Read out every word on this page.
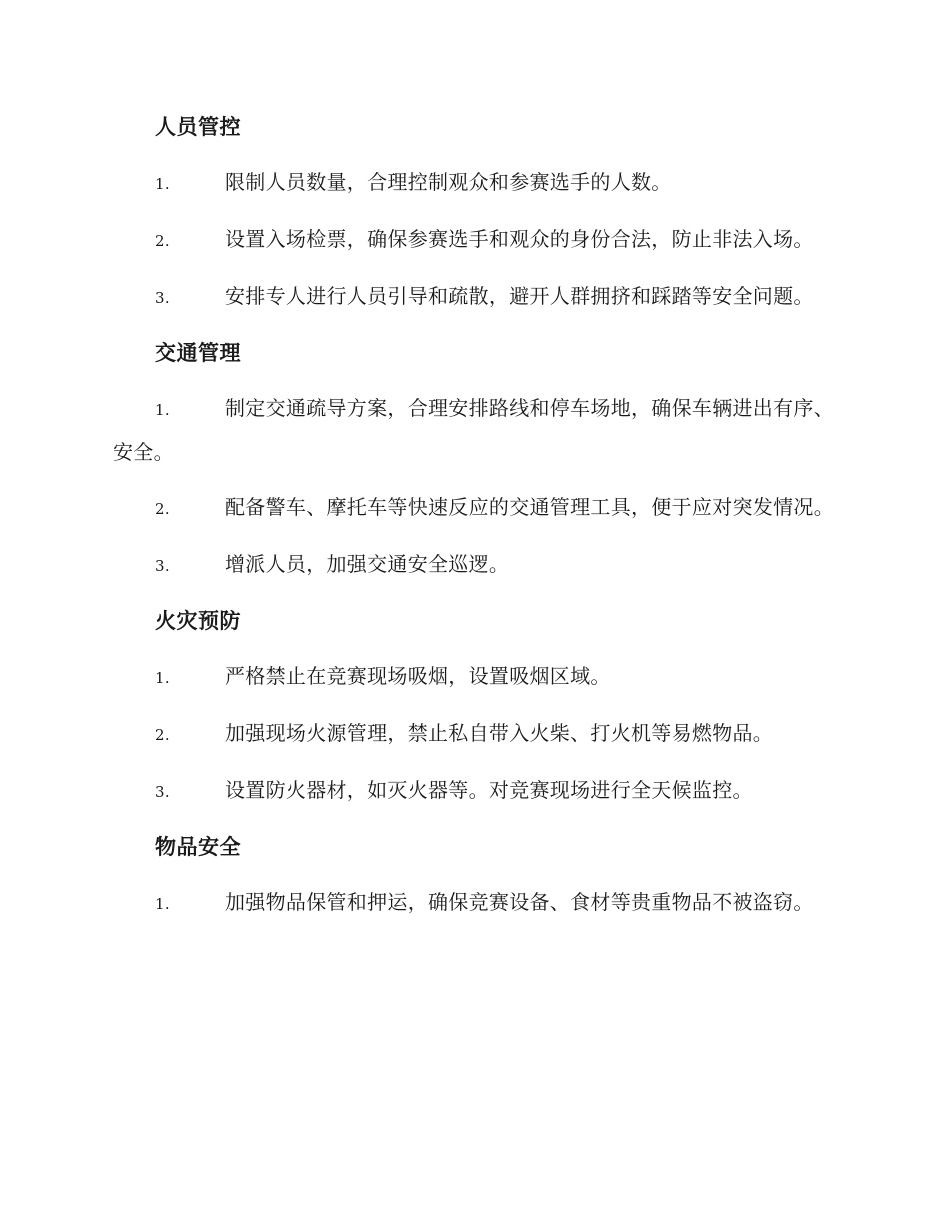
人员管控
1.	限制人员数量，合理控制观众和参赛选手的人数。
2.	设置入场检票，确保参赛选手和观众的身份合法，防止非法入场。
3.	安排专人进行人员引导和疏散，避开人群拥挤和踩踏等安全问题。
交通管理
1.	制定交通疏导方案，合理安排路线和停车场地，确保车辆进出有序、安全。
2.	配备警车、摩托车等快速反应的交通管理工具，便于应对突发情况。
3.	增派人员，加强交通安全巡逻。
火灾预防
1.	严格禁止在竞赛现场吸烟，设置吸烟区域。
2.	加强现场火源管理，禁止私自带入火柴、打火机等易燃物品。
3.	设置防火器材，如灭火器等。对竞赛现场进行全天候监控。
物品安全
1.	加强物品保管和押运，确保竞赛设备、食材等贵重物品不被盗窃。
